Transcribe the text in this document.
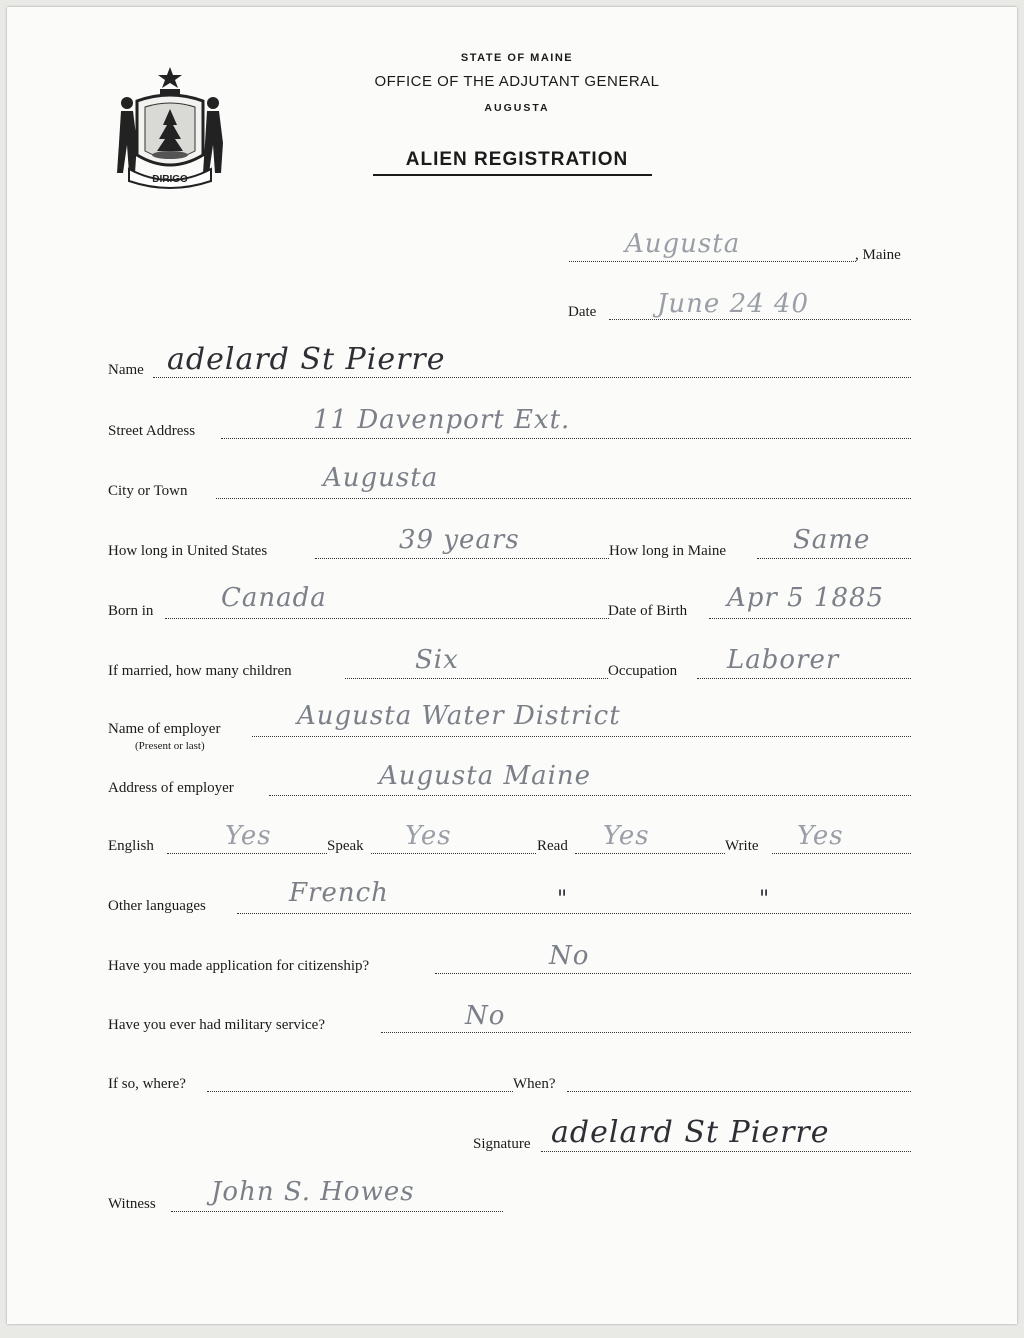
DIRIGO
STATE OF MAINE
OFFICE OF THE ADJUTANT GENERAL
AUGUSTA
ALIEN REGISTRATION
Augusta	, Maine
Date June 24 40
Name adelard St Pierre
Street Address	11 Davenport Ext.
City or Town	Augusta
How long in United States	39 years	How long in Maine	Same
Born in	Canada	Date of Birth Apr 5 1885
If married, how many children	Six	Occupation Laborer
Name of employer
(Present or last)
Augusta Water District
Address of employer	Augusta Maine
English	Yes	Speak Yes	Read Yes	Write Yes
Other languages	French	"	"
Have you made application for citizenship?	No
Have you ever had military service?	No
If so, where?	When?
Signature adelard St Pierre
Witness John S. Howes
